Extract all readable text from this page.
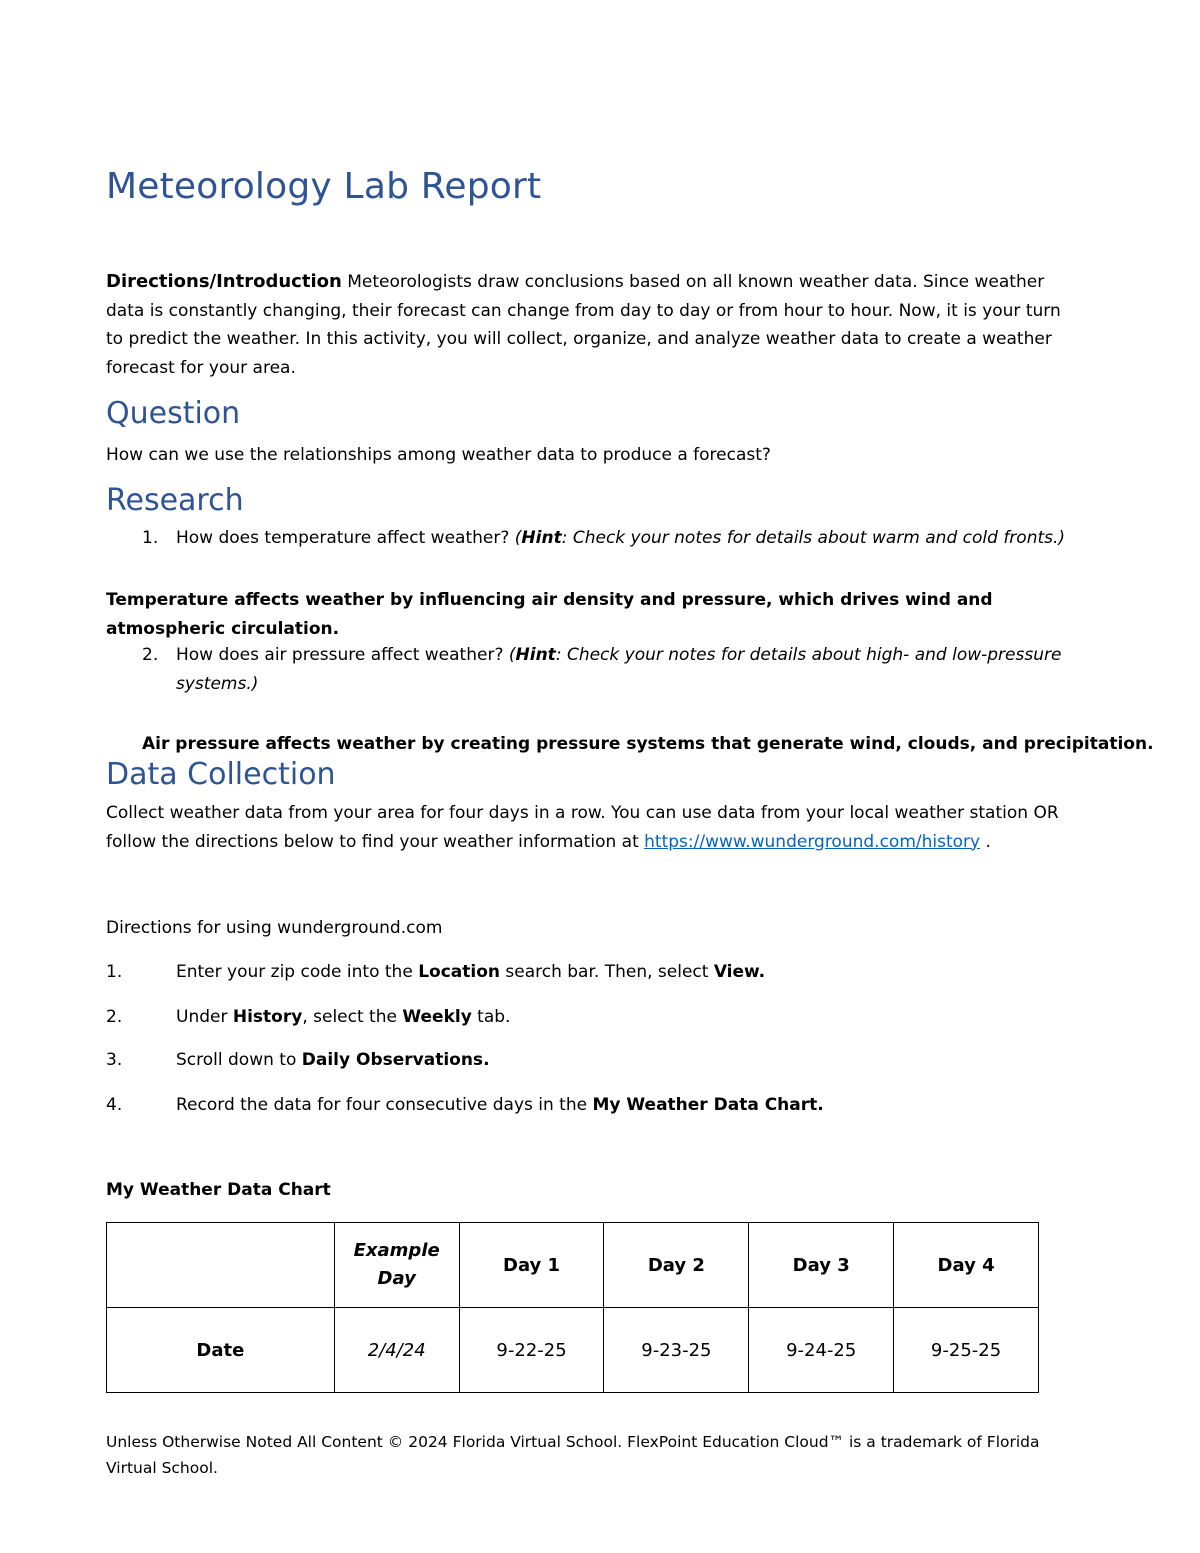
Meteorology Lab Report

Directions/Introduction Meteorologists draw conclusions based on all known weather data. Since weather data is constantly changing, their forecast can change from day to day or from hour to hour. Now, it is your turn to predict the weather. In this activity, you will collect, organize, and analyze weather data to create a weather forecast for your area.

Question

How can we use the relationships among weather data to produce a forecast?

Research
1. How does temperature affect weather? (Hint: Check your notes for details about warm and cold fronts.)

Temperature affects weather by influencing air density and pressure, which drives wind and atmospheric circulation.

2. How does air pressure affect weather? (Hint: Check your notes for details about high- and low-pressure systems.)

Air pressure affects weather by creating pressure systems that generate wind, clouds, and precipitation.

Data Collection

Collect weather data from your area for four days in a row. You can use data from your local weather station OR follow the directions below to find your weather information at https://www.wunderground.com/history .

Directions for using wunderground.com

1.	Enter your zip code into the Location search bar. Then, select View.
2.	Under History, select the Weekly tab.
3.	Scroll down to Daily Observations.
4.	Record the data for four consecutive days in the My Weather Data Chart.

My Weather Data Chart

	Example Day	Day 1	Day 2	Day 3	Day 4
Date	2/4/24	9-22-25	9-23-25	9-24-25	9-25-25

Unless Otherwise Noted All Content © 2024 Florida Virtual School. FlexPoint Education Cloud™ is a trademark of Florida Virtual School.
